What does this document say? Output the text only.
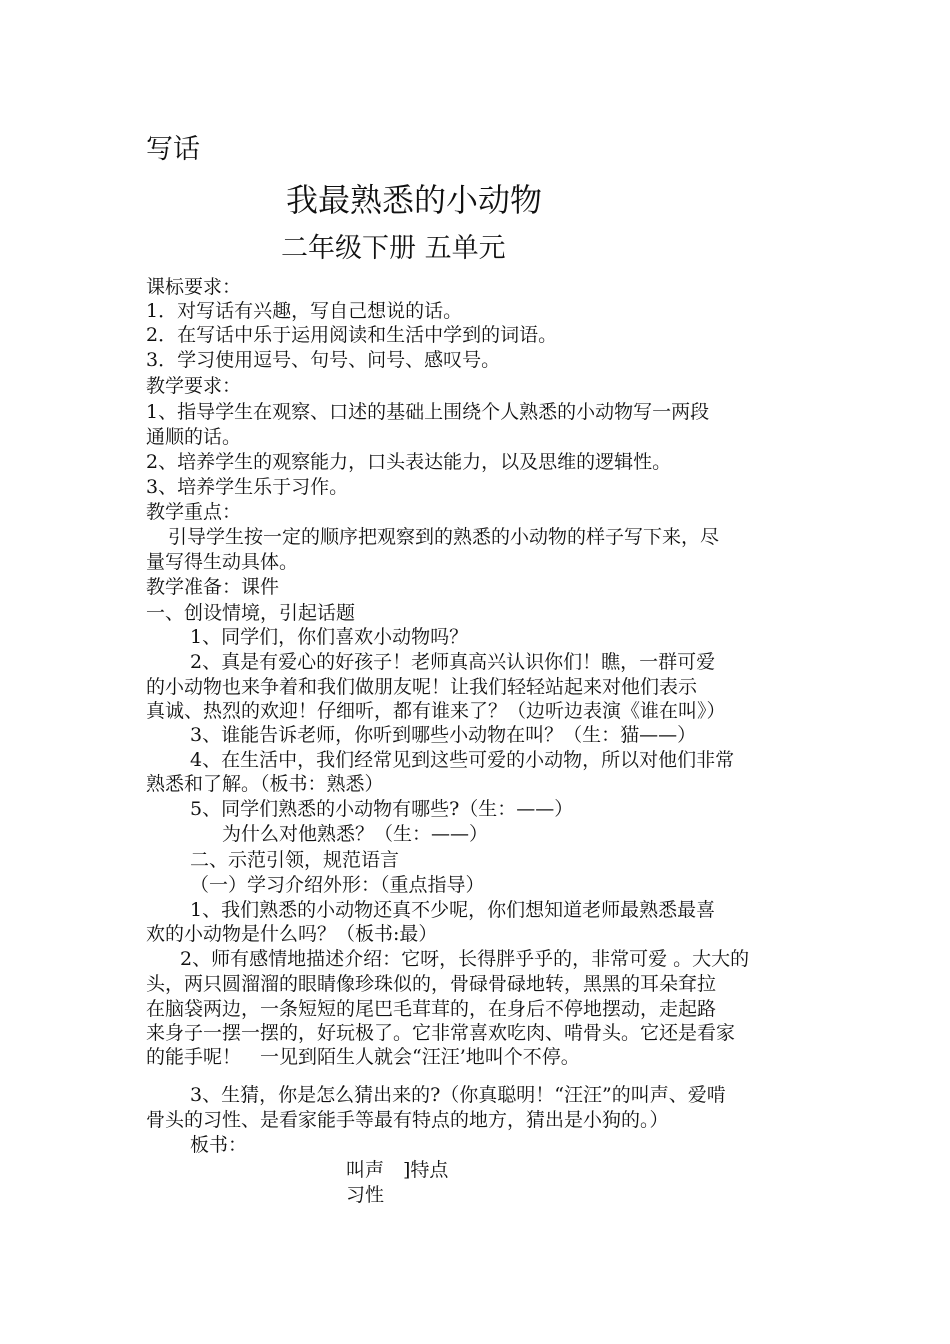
写话
我最熟悉的小动物
二年级下册 五单元
课标要求：
1．对写话有兴趣，写自己想说的话。
2．在写话中乐于运用阅读和生活中学到的词语。
3．学习使用逗号、句号、问号、感叹号。
教学要求：
1、指导学生在观察、口述的基础上围绕个人熟悉的小动物写一两段
通顺的话。
2、培养学生的观察能力，口头表达能力，以及思维的逻辑性。
3、培养学生乐于习作。
教学重点：
引导学生按一定的顺序把观察到的熟悉的小动物的样子写下来，尽
量写得生动具体。
教学准备：课件
一、创设情境，引起话题
1、同学们，你们喜欢小动物吗？
2、真是有爱心的好孩子！老师真高兴认识你们！瞧，一群可爱
的小动物也来争着和我们做朋友呢！让我们轻轻站起来对他们表示
真诚、热烈的欢迎！仔细听，都有谁来了？（边听边表演《谁在叫》）
3、谁能告诉老师，你听到哪些小动物在叫？（生：猫——）
4、在生活中，我们经常见到这些可爱的小动物，所以对他们非常
熟悉和了解。（板书：熟悉）
5、同学们熟悉的小动物有哪些?（生：——）
为什么对他熟悉？（生：——）
二、示范引领，规范语言
（一）学习介绍外形：（重点指导）
1、我们熟悉的小动物还真不少呢，你们想知道老师最熟悉最喜
欢的小动物是什么吗？（板书:最）
2、师有感情地描述介绍：它呀，长得胖乎乎的，非常可爱 。大大的
头，两只圆溜溜的眼睛像珍珠似的，骨碌骨碌地转，黑黑的耳朵耷拉
在脑袋两边，一条短短的尾巴毛茸茸的，在身后不停地摆动，走起路
来身子一摆一摆的，好玩极了。它非常喜欢吃肉、啃骨头。它还是看家
的能手呢！　一见到陌生人就会“汪汪’地叫个不停。
3、生猜，你是怎么猜出来的?（你真聪明！“汪汪”的叫声、爱啃
骨头的习性、是看家能手等最有特点的地方，猜出是小狗的。）
板书：
叫声　]特点
习性
